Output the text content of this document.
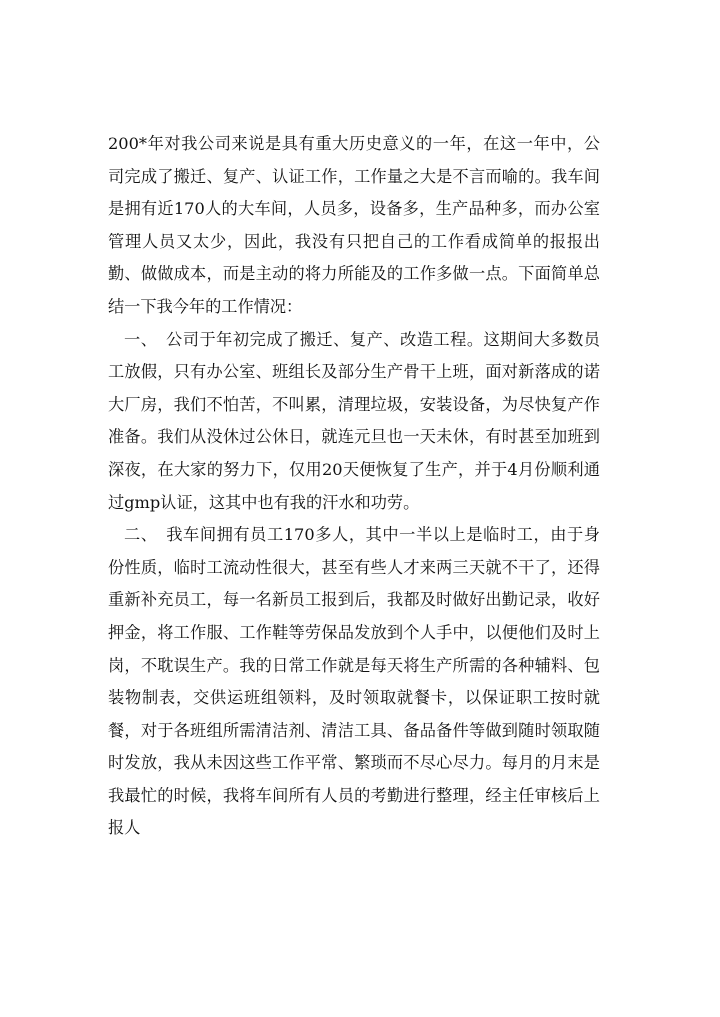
200*年对我公司来说是具有重大历史意义的一年，在这一年中，公司完成了搬迁、复产、认证工作，工作量之大是不言而喻的。我车间是拥有近170人的大车间，人员多，设备多，生产品种多，而办公室管理人员又太少，因此，我没有只把自己的工作看成简单的报报出勤、做做成本，而是主动的将力所能及的工作多做一点。下面简单总结一下我今年的工作情况：

一、　公司于年初完成了搬迁、复产、改造工程。这期间大多数员工放假，只有办公室、班组长及部分生产骨干上班，面对新落成的诺大厂房，我们不怕苦，不叫累，清理垃圾，安装设备，为尽快复产作准备。我们从没休过公休日，就连元旦也一天未休，有时甚至加班到深夜，在大家的努力下，仅用20天便恢复了生产，并于4月份顺利通过gmp认证，这其中也有我的汗水和功劳。

二、　我车间拥有员工170多人，其中一半以上是临时工，由于身份性质，临时工流动性很大，甚至有些人才来两三天就不干了，还得重新补充员工，每一名新员工报到后，我都及时做好出勤记录，收好押金，将工作服、工作鞋等劳保品发放到个人手中，以便他们及时上岗，不耽误生产。我的日常工作就是每天将生产所需的各种辅料、包装物制表，交供运班组领料，及时领取就餐卡，以保证职工按时就餐，对于各班组所需清洁剂、清洁工具、备品备件等做到随时领取随时发放，我从未因这些工作平常、繁琐而不尽心尽力。每月的月末是我最忙的时候，我将车间所有人员的考勤进行整理，经主任审核后上报人
